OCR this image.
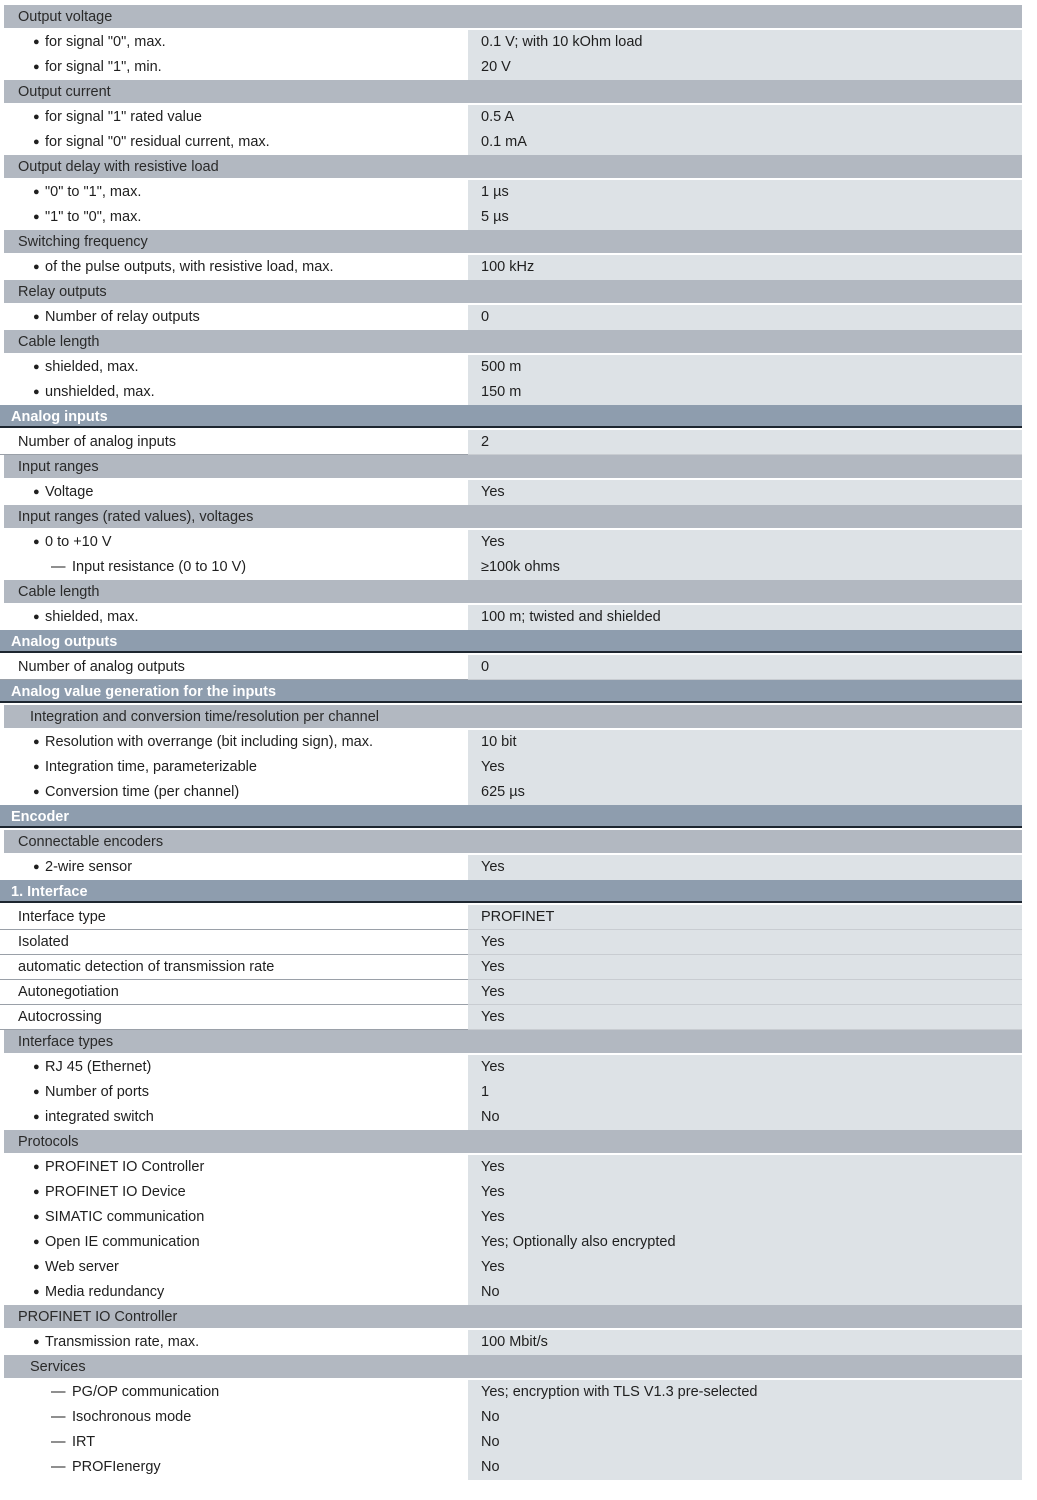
Output voltage
● for signal "0", max.	0.1 V; with 10 kOhm load
● for signal "1", min.	20 V
Output current
● for signal "1" rated value	0.5 A
● for signal "0" residual current, max.	0.1 mA
Output delay with resistive load
● "0" to "1", max.	1 µs
● "1" to "0", max.	5 µs
Switching frequency
● of the pulse outputs, with resistive load, max.	100 kHz
Relay outputs
● Number of relay outputs	0
Cable length
● shielded, max.	500 m
● unshielded, max.	150 m
Analog inputs
Number of analog inputs	2
Input ranges
● Voltage	Yes
Input ranges (rated values), voltages
● 0 to +10 V	Yes
— Input resistance (0 to 10 V)	≥100k ohms
Cable length
● shielded, max.	100 m; twisted and shielded
Analog outputs
Number of analog outputs	0
Analog value generation for the inputs
Integration and conversion time/resolution per channel
● Resolution with overrange (bit including sign), max.	10 bit
● Integration time, parameterizable	Yes
● Conversion time (per channel)	625 µs
Encoder
Connectable encoders
● 2-wire sensor	Yes
1. Interface
Interface type	PROFINET
Isolated	Yes
automatic detection of transmission rate	Yes
Autonegotiation	Yes
Autocrossing	Yes
Interface types
● RJ 45 (Ethernet)	Yes
● Number of ports	1
● integrated switch	No
Protocols
● PROFINET IO Controller	Yes
● PROFINET IO Device	Yes
● SIMATIC communication	Yes
● Open IE communication	Yes; Optionally also encrypted
● Web server	Yes
● Media redundancy	No
PROFINET IO Controller
● Transmission rate, max.	100 Mbit/s
Services
— PG/OP communication	Yes; encryption with TLS V1.3 pre-selected
— Isochronous mode	No
— IRT	No
— PROFIenergy	No
